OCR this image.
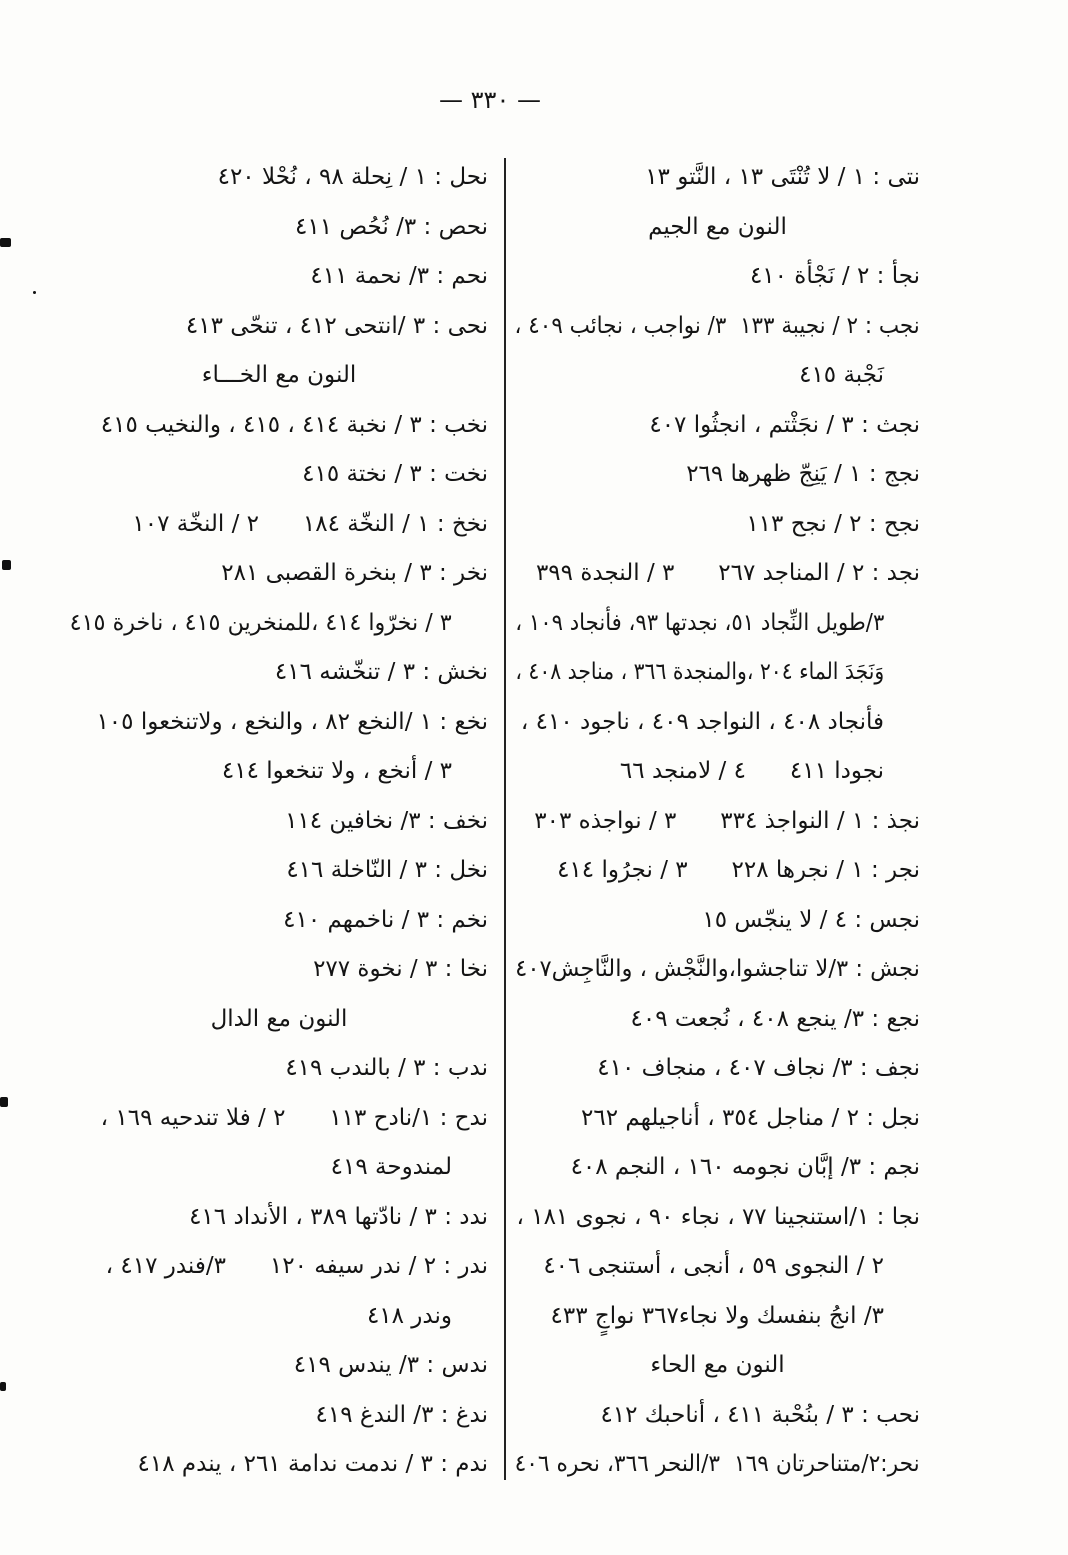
— ٣٣٠ —
نتى : ١ / لا تُنْتَى ١٣ ، النَّتو ١٣
النون مع الجيم
نجأ : ٢ / نَجْأة ٤١٠
نجب : ٢ / نجيبة ١٣٣  ٣/ نواجب ، نجائب ٤٠٩ ،
نَجْبة ٤١٥
نجث : ٣ / نجَثْتم ، انجثُوا ٤٠٧
نجج : ١ / يَنِجّ ظهرها ٢٦٩
نجح : ٢ / نجح ١١٣
نجد : ٢ / المناجد ٢٦٧      ٣ / النجدة ٣٩٩
٣/طويل النِّجاد ٥١، نجدتها ٩٣، فأنجاد ١٠٩ ،
وَنَجَدَ الماء ٢٠٤ ،والمنجدة ٣٦٦ ، مناجد ٤٠٨ ،
فأنجاد ٤٠٨ ، النواجد ٤٠٩ ، ناجود ٤١٠ ،
نجودا ٤١١      ٤ / لامنجد ٦٦
نجذ : ١ / النواجذ ٣٣٤      ٣ / نواجذه ٣٠٣
نجر : ١ / نجرها ٢٢٨      ٣ / نجرُوا ٤١٤
نجس : ٤ / لا ينجّس ١٥
نجش : ٣/لا تناجشوا،والنَّجْش ، والنَّاجِش٤٠٧
نجع : ٣/ ينجع ٤٠٨ ، نُجعت ٤٠٩
نجف : ٣/ نجاف ٤٠٧ ، منجاف ٤١٠
نجل : ٢ / مناجل ٣٥٤ ، أناجيلهم ٢٦٢
نجم : ٣/ إبَّان نجومه ١٦٠ ، النجم ٤٠٨
نجا : ١/استنجينا ٧٧ ، نجاء ٩٠ ، نجوى ١٨١ ،
٢ / النجوى ٥٩ ، أنجى ، أستنجى ٤٠٦
٣/ انجُ بنفسك ولا نجاء٣٦٧ نواجٍ ٤٣٣
النون مع الحاء
نحب : ٣ / بنُحْبة ٤١١ ، أناحبك ٤١٢
نحر:٢/متناحرتان ١٦٩  ٣/النحر ٣٦٦، نحره ٤٠٦
نحل : ١ / نِحلة ٩٨ ، نُحْلا ٤٢٠
نحص : ٣/ نُحُص ٤١١
نحم : ٣/ نحمة ٤١١
نحى : ٣ /انتحى ٤١٢ ، تنحّى ٤١٣
النون مع الخـــاء
نخب : ٣ / نخبة ٤١٤ ، ٤١٥ ، والنخيب ٤١٥
نخت : ٣ / نختة ٤١٥
نخخ : ١ / النخّة ١٨٤      ٢ / النخّة ١٠٧
نخر : ٣ / بنخرة القصبى ٢٨١
٣ / نخرّوا ٤١٤ ،للمنخرين ٤١٥ ، ناخرة ٤١٥
نخش : ٣ / تنخّشه ٤١٦
نخع : ١ /النخع ٨٢ ، والنخع ، ولاتنخعوا ١٠٥
٣ / أنخع ، ولا تنخعوا ٤١٤
نخف : ٣/ نخافين ١١٤
نخل : ٣ / النّاخلة ٤١٦
نخم : ٣ / ناخمهم ٤١٠
نخا : ٣ / نخوة ٢٧٧
النون مع الدال
ندب : ٣ / بالندب ٤١٩
ندح : ١/نادح ١١٣      ٢ / فلا تندحيه ١٦٩ ،
لمندوحة ٤١٩
ندد : ٣ / نادّتها ٣٨٩ ، الأنداد ٤١٦
ندر : ٢ / ندر سيفه ١٢٠      ٣/فندر ٤١٧ ،
وندر ٤١٨
ندس : ٣/ يندس ٤١٩
ندغ : ٣/ الندغ ٤١٩
ندم : ٣ / ندمت ندامة ٢٦١ ، يندم ٤١٨
